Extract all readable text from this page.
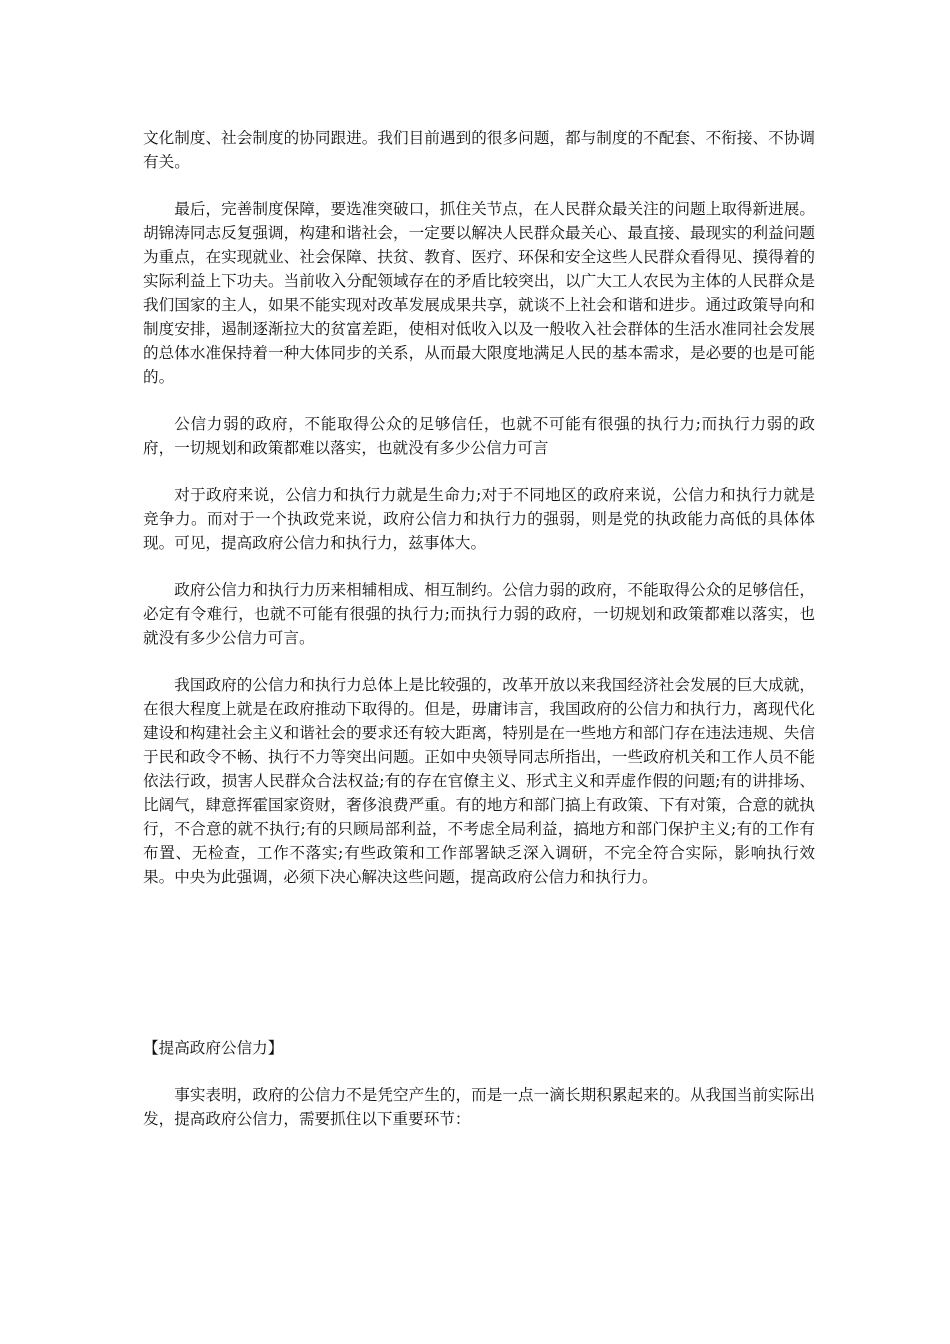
文化制度、社会制度的协同跟进。我们目前遇到的很多问题，都与制度的不配套、不衔接、不协调有关。

最后，完善制度保障，要选准突破口，抓住关节点，在人民群众最关注的问题上取得新进展。胡锦涛同志反复强调，构建和谐社会，一定要以解决人民群众最关心、最直接、最现实的利益问题为重点，在实现就业、社会保障、扶贫、教育、医疗、环保和安全这些人民群众看得见、摸得着的实际利益上下功夫。当前收入分配领域存在的矛盾比较突出，以广大工人农民为主体的人民群众是我们国家的主人，如果不能实现对改革发展成果共享，就谈不上社会和谐和进步。通过政策导向和制度安排，遏制逐渐拉大的贫富差距，使相对低收入以及一般收入社会群体的生活水准同社会发展的总体水准保持着一种大体同步的关系，从而最大限度地满足人民的基本需求，是必要的也是可能的。

公信力弱的政府，不能取得公众的足够信任，也就不可能有很强的执行力;而执行力弱的政府，一切规划和政策都难以落实，也就没有多少公信力可言

对于政府来说，公信力和执行力就是生命力;对于不同地区的政府来说，公信力和执行力就是竞争力。而对于一个执政党来说，政府公信力和执行力的强弱，则是党的执政能力高低的具体体现。可见，提高政府公信力和执行力，兹事体大。

政府公信力和执行力历来相辅相成、相互制约。公信力弱的政府，不能取得公众的足够信任，必定有令难行，也就不可能有很强的执行力;而执行力弱的政府，一切规划和政策都难以落实，也就没有多少公信力可言。

我国政府的公信力和执行力总体上是比较强的，改革开放以来我国经济社会发展的巨大成就，在很大程度上就是在政府推动下取得的。但是，毋庸讳言，我国政府的公信力和执行力，离现代化建设和构建社会主义和谐社会的要求还有较大距离，特别是在一些地方和部门存在违法违规、失信于民和政令不畅、执行不力等突出问题。正如中央领导同志所指出，一些政府机关和工作人员不能依法行政，损害人民群众合法权益;有的存在官僚主义、形式主义和弄虚作假的问题;有的讲排场、比阔气，肆意挥霍国家资财，奢侈浪费严重。有的地方和部门搞上有政策、下有对策，合意的就执行，不合意的就不执行;有的只顾局部利益，不考虑全局利益，搞地方和部门保护主义;有的工作有布置、无检查，工作不落实;有些政策和工作部署缺乏深入调研，不完全符合实际，影响执行效果。中央为此强调，必须下决心解决这些问题，提高政府公信力和执行力。

【提高政府公信力】

事实表明，政府的公信力不是凭空产生的，而是一点一滴长期积累起来的。从我国当前实际出发，提高政府公信力，需要抓住以下重要环节：
